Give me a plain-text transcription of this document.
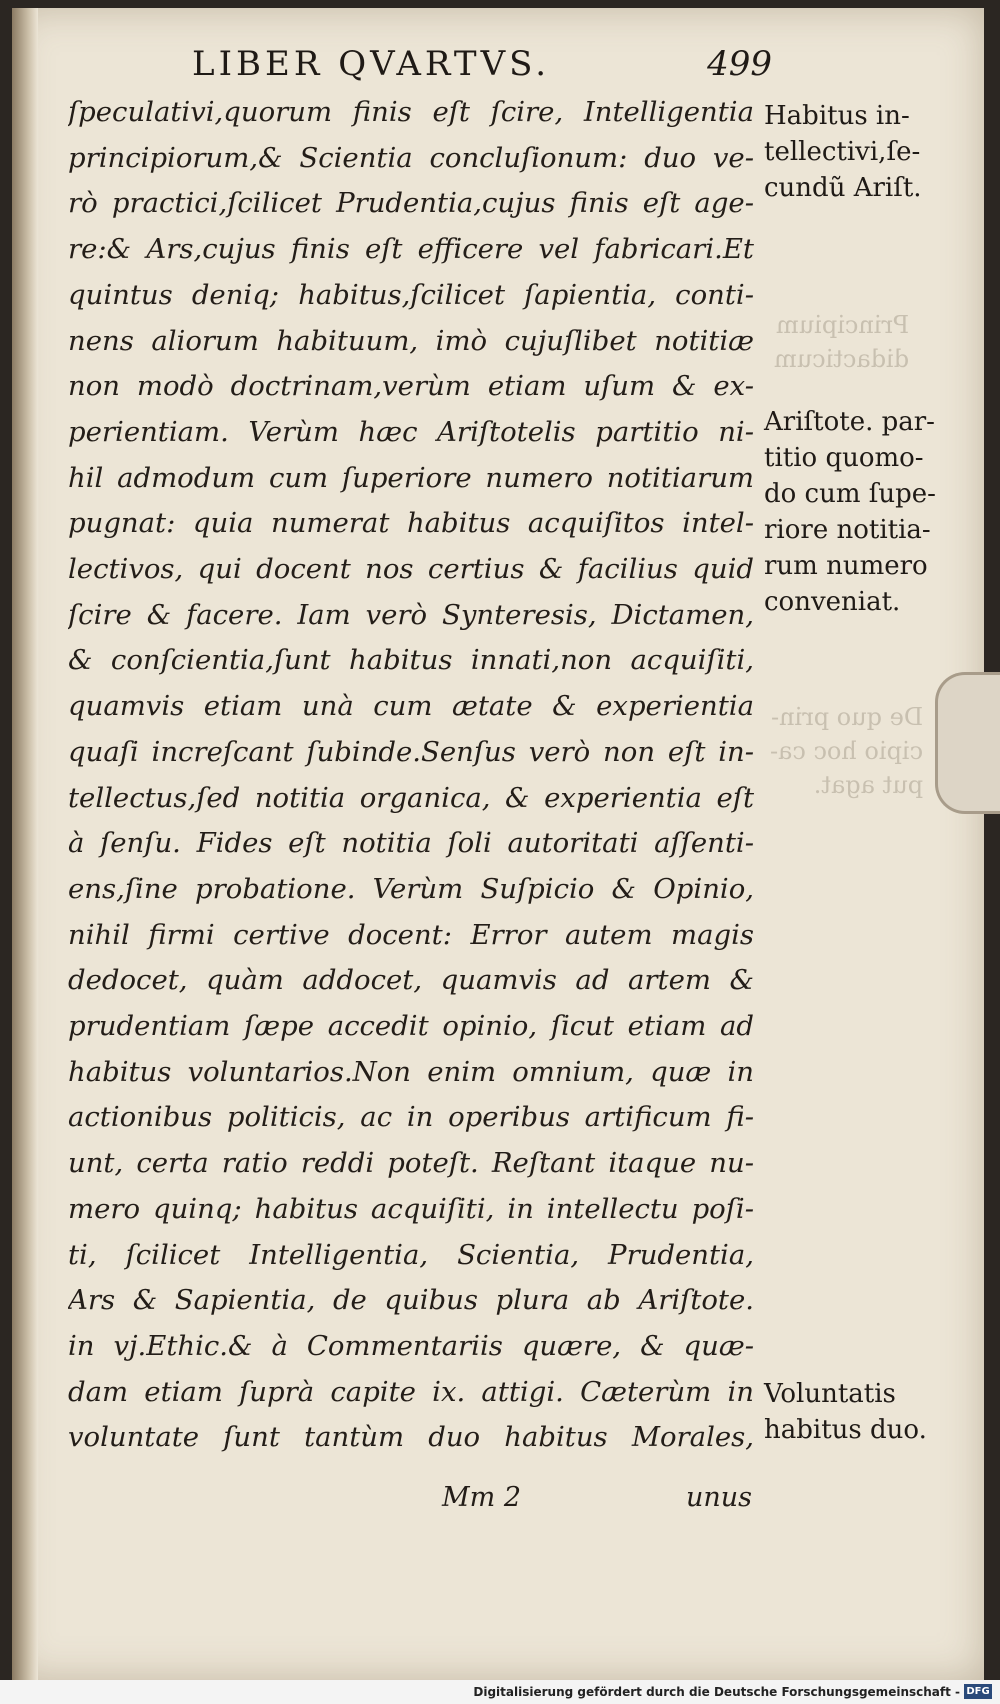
LIBER QVARTVS.	499
Principium
didacticum
De quo prin-
cipio hoc ca-
put agat.
ſpeculativi,quorum finis eſt ſcire, Intelligentia
principiorum,& Scientia concluſionum: duo ve-
rò practici,ſcilicet Prudentia,cujus finis eſt age-
re:& Ars,cujus finis eſt efficere vel fabricari.Et
quintus deniq; habitus,ſcilicet ſapientia, conti-
nens aliorum habituum, imò cujuſlibet notitiæ
non modò doctrinam,verùm etiam uſum & ex-
perientiam. Verùm hæc Ariſtotelis partitio ni-
hil admodum cum ſuperiore numero notitiarum
pugnat: quia numerat habitus acquiſitos intel-
lectivos, qui docent nos certius & facilius quid
ſcire & facere. Iam verò Synteresis, Dictamen,
& conſcientia,ſunt habitus innati,non acquiſiti,
quamvis etiam unà cum ætate & experientia
quaſi increſcant ſubinde.Senſus verò non eſt in-
tellectus,ſed notitia organica, & experientia eſt
à ſenſu. Fides eſt notitia ſoli autoritati aſſenti-
ens,ſine probatione. Verùm Suſpicio & Opinio,
nihil firmi certive docent: Error autem magis
dedocet, quàm addocet, quamvis ad artem &
prudentiam ſæpe accedit opinio, ſicut etiam ad
habitus voluntarios.Non enim omnium, quæ in
actionibus politicis, ac in operibus artificum fi-
unt, certa ratio reddi poteſt. Reſtant itaque nu-
mero quinq; habitus acquiſiti, in intellectu poſi-
ti, ſcilicet Intelligentia, Scientia, Prudentia,
Ars & Sapientia, de quibus plura ab Ariſtote.
in vj.Ethic.& à Commentariis quære, & quæ-
dam etiam ſuprà capite ix. attigi. Cæterùm in
voluntate ſunt tantùm duo habitus Morales,
Habitus in-
tellectivi,ſe-
cundũ Ariſt.
Ariſtote. par-
titio quomo-
do cum ſupe-
riore notitia-
rum numero
conveniat.
Voluntatis
habitus duo.
Mm 2	unus
Digitalisierung gefördert durch die Deutsche Forschungsgemeinschaft - DFG
